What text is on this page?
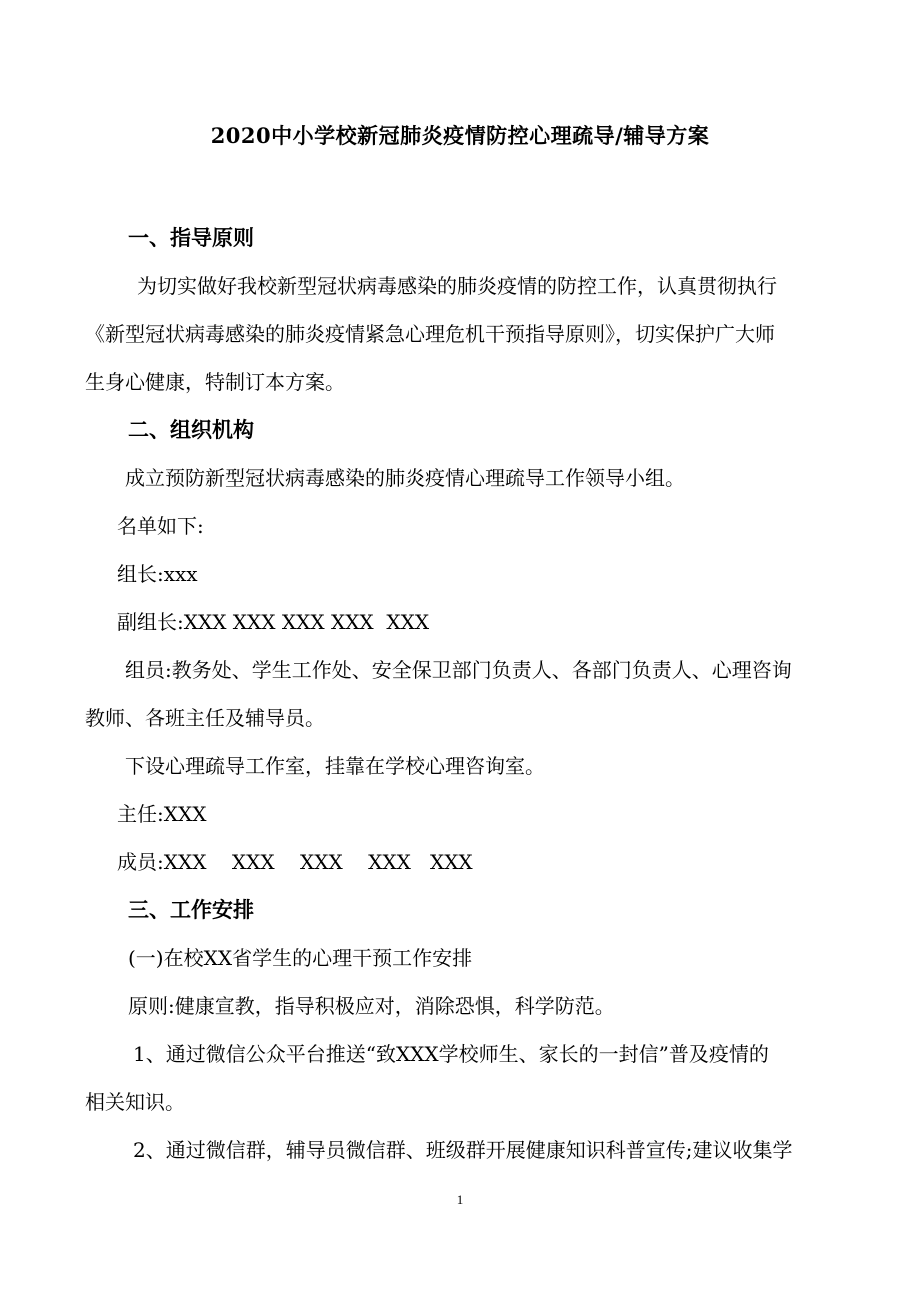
2020中小学校新冠肺炎疫情防控心理疏导/辅导方案
一、指导原则

为切实做好我校新型冠状病毒感染的肺炎疫情的防控工作，认真贯彻执行

《新型冠状病毒感染的肺炎疫情紧急心理危机干预指导原则》，切实保护广大师

生身心健康，特制订本方案。

二、组织机构

成立预防新型冠状病毒感染的肺炎疫情心理疏导工作领导小组。

名单如下:

组长:xxx

副组长:XXX XXX XXX XXX  XXX

组员:教务处、学生工作处、安全保卫部门负责人、各部门负责人、心理咨询

教师、各班主任及辅导员。

下设心理疏导工作室，挂靠在学校心理咨询室。

主任:XXX

成员:XXX    XXX    XXX    XXX   XXX

三、工作安排

(一)在校XX省学生的心理干预工作安排

原则:健康宣教，指导积极应对，消除恐惧，科学防范。

1、通过微信公众平台推送“致XXX学校师生、家长的一封信”普及疫情的

相关知识。

2、通过微信群，辅导员微信群、班级群开展健康知识科普宣传;建议收集学

1
